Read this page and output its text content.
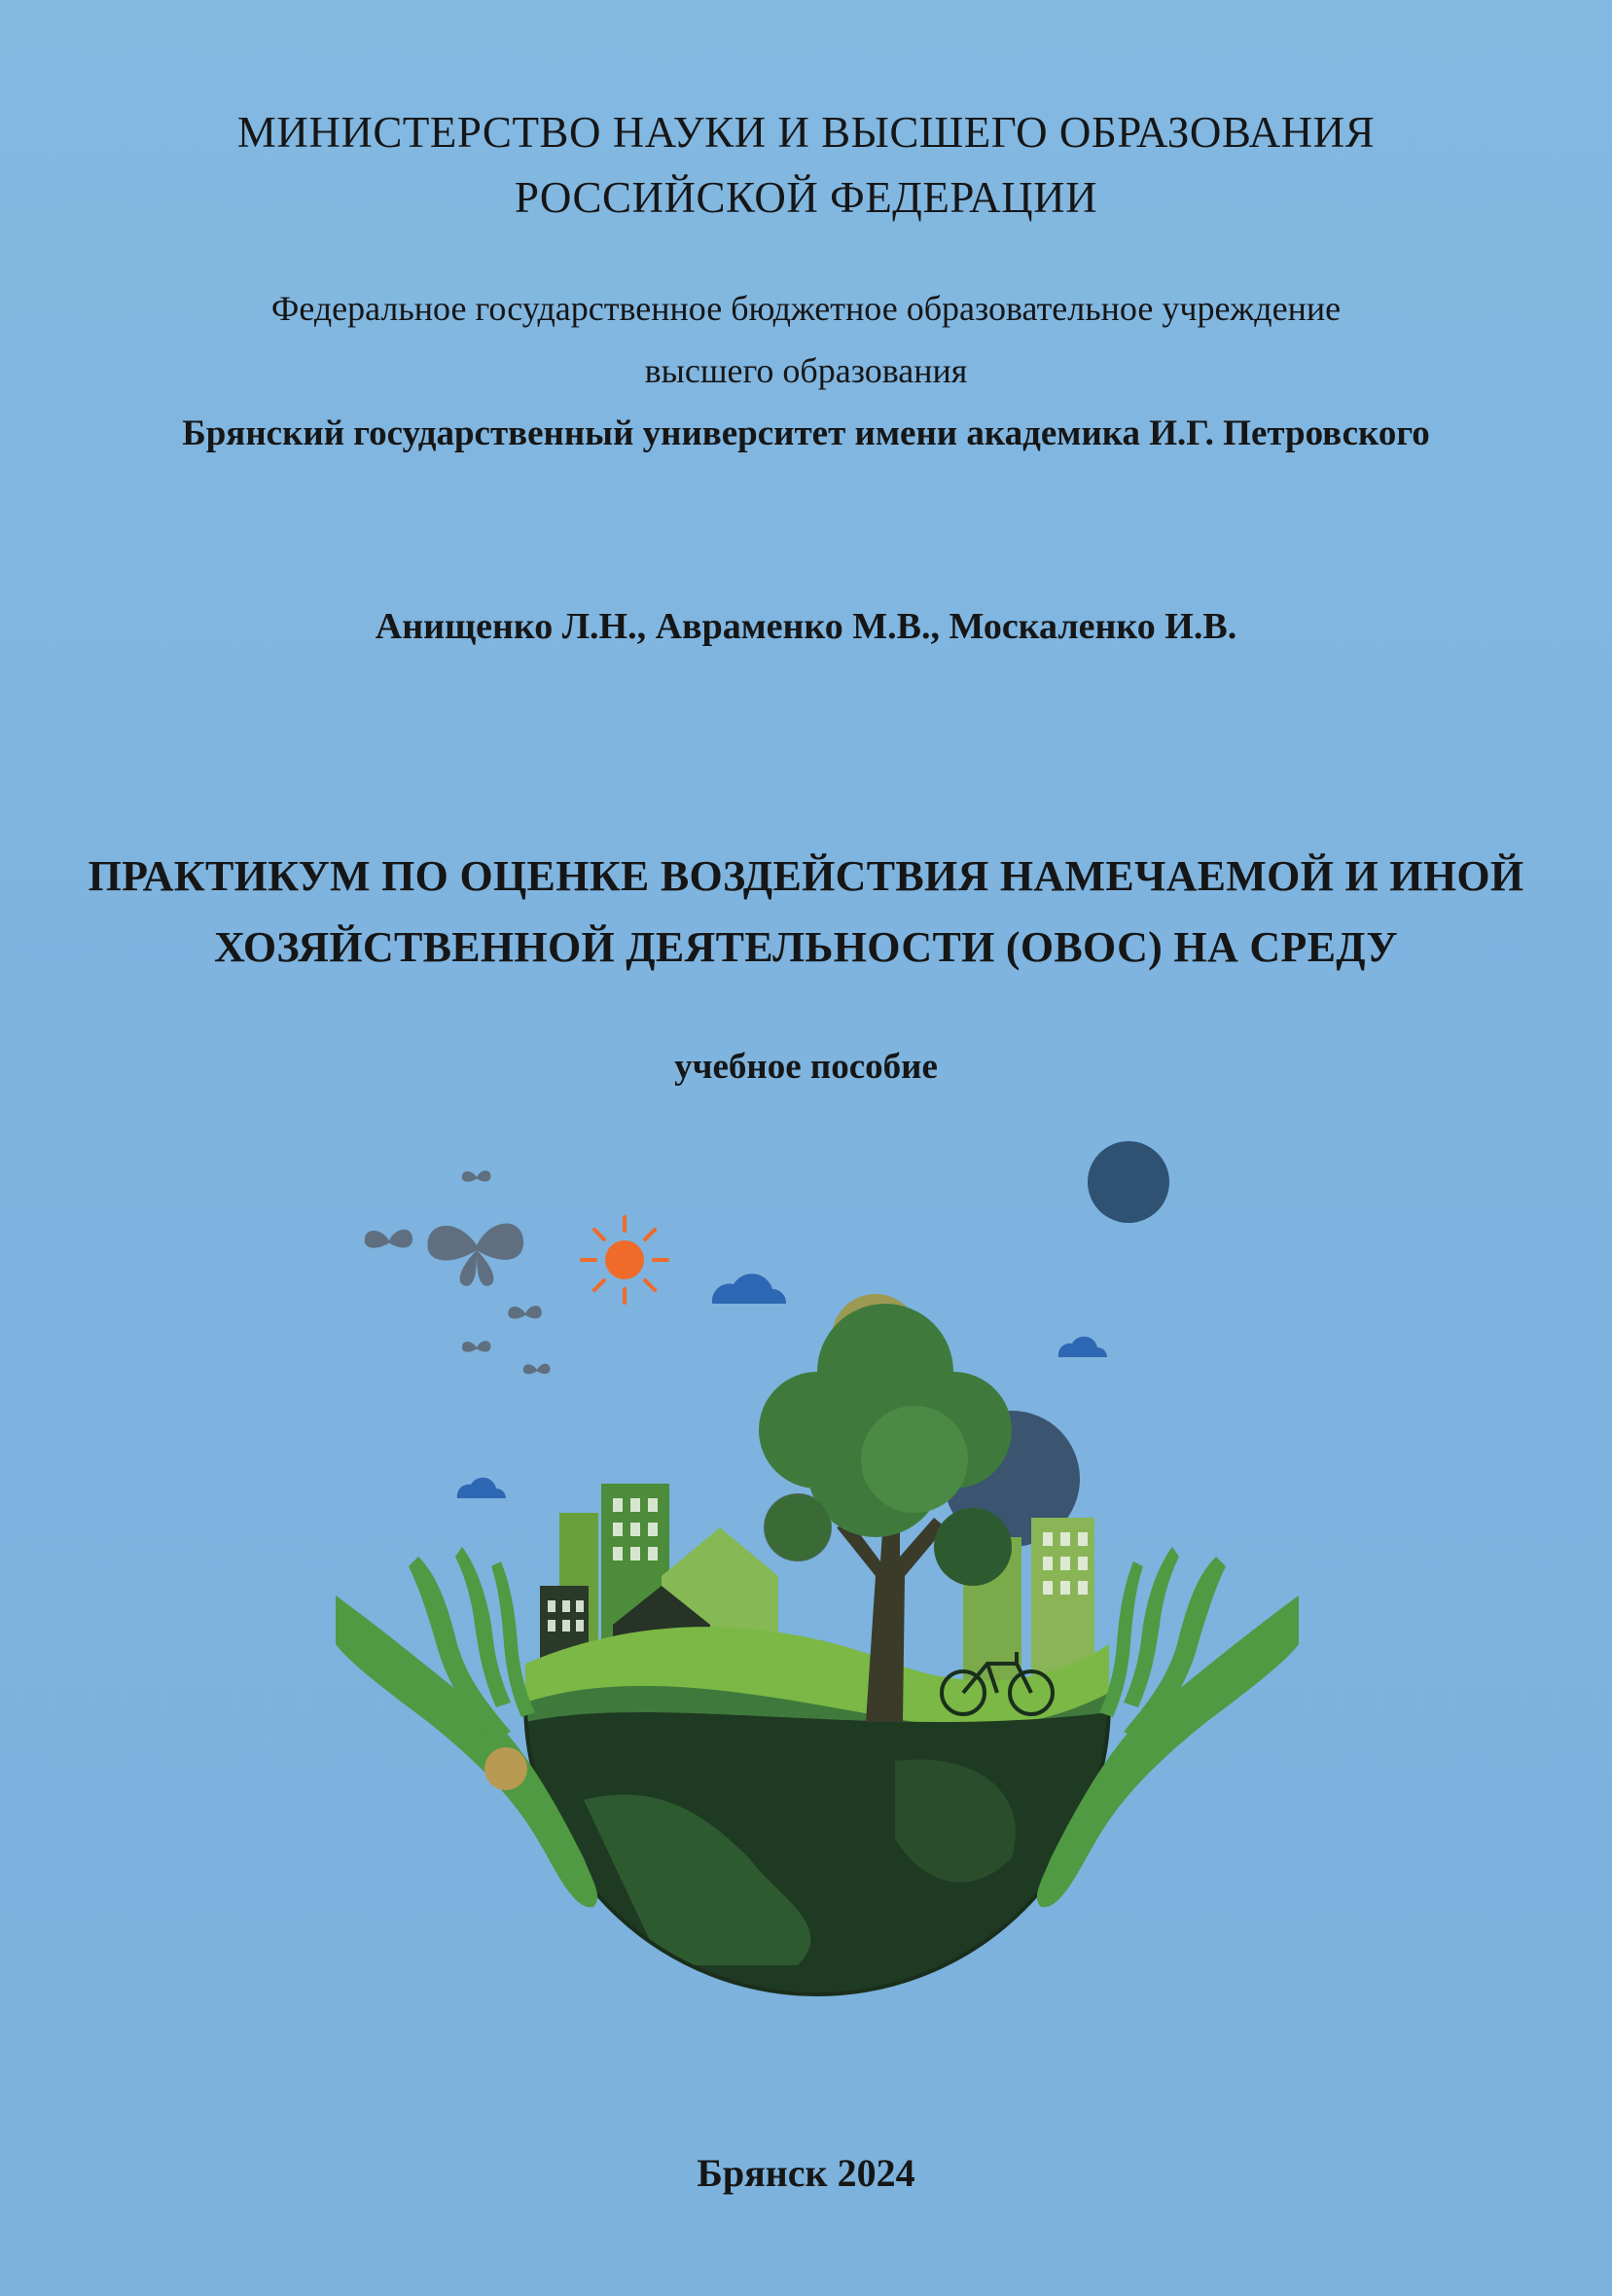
МИНИСТЕРСТВО НАУКИ И ВЫСШЕГО ОБРАЗОВАНИЯ
РОССИЙСКОЙ ФЕДЕРАЦИИ
Федеральное государственное бюджетное образовательное учреждение
высшего образования
Брянский государственный университет имени академика И.Г. Петровского
Анищенко Л.Н., Авраменко М.В., Москаленко И.В.
ПРАКТИКУМ ПО ОЦЕНКЕ ВОЗДЕЙСТВИЯ НАМЕЧАЕМОЙ И ИНОЙ
ХОЗЯЙСТВЕННОЙ ДЕЯТЕЛЬНОСТИ (ОВОС) НА СРЕДУ
учебное пособие
Брянск 2024
